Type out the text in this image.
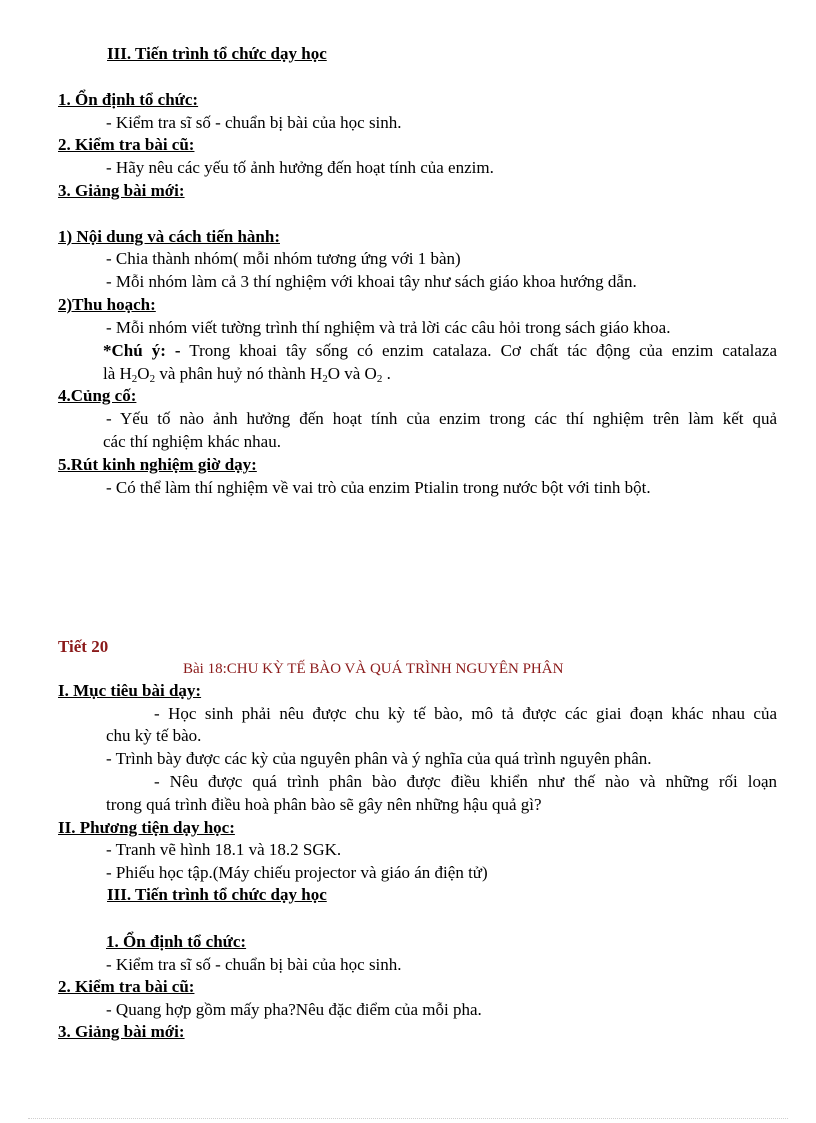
III. Tiến trình tổ chức dạy học
1. Ổn định tổ chức:
- Kiểm tra sĩ số - chuẩn bị bài của học sinh.
2. Kiểm tra bài cũ:
- Hãy nêu các yếu tố ảnh hưởng đến hoạt tính của enzim.
3. Giảng bài mới:
1) Nội dung và cách tiến hành:
- Chia thành nhóm( mỗi nhóm tương ứng với 1 bàn)
- Mỗi nhóm làm cả 3 thí nghiệm với khoai tây như sách giáo khoa hướng dẫn.
2)Thu hoạch:
- Mỗi nhóm viết tường trình thí nghiệm và trả lời các câu hỏi trong sách giáo khoa.
*Chú ý: - Trong khoai tây sống có enzim catalaza. Cơ chất tác động của enzim catalaza
là $H_2O_2$ và phân huỷ nó thành $H_2O$ và $O_2$ .
4.Củng cố:
- Yếu tố nào ảnh hưởng đến hoạt tính của enzim trong các thí nghiệm trên làm kết quả
các thí nghiệm khác nhau.
5.Rút kinh nghiệm giờ dạy:
- Có thể làm thí nghiệm về vai trò của enzim Ptialin trong nước bột với tinh bột.
Tiết 20
Bài 18:CHU KỲ TẾ BÀO VÀ QUÁ TRÌNH NGUYÊN PHÂN
I. Mục tiêu bài dạy:
- Học sinh phải nêu được chu kỳ tế bào, mô tả được các giai đoạn khác nhau của
chu kỳ tế bào.
- Trình bày được các kỳ của nguyên phân và ý nghĩa của quá trình nguyên phân.
- Nêu được quá trình phân bào được điều khiển như thế nào và những rối loạn
trong quá trình điều hoà phân bào sẽ gây nên những hậu quả gì?
II. Phương tiện dạy học:
- Tranh vẽ hình 18.1 và 18.2 SGK.
- Phiếu học tập.(Máy chiếu projector và giáo án điện tử)
III. Tiến trình tổ chức dạy học
1. Ổn định tổ chức:
- Kiểm tra sĩ số - chuẩn bị bài của học sinh.
2. Kiểm tra bài cũ:
- Quang hợp gồm mấy pha?Nêu đặc điểm của mỗi pha.
3. Giảng bài mới:
